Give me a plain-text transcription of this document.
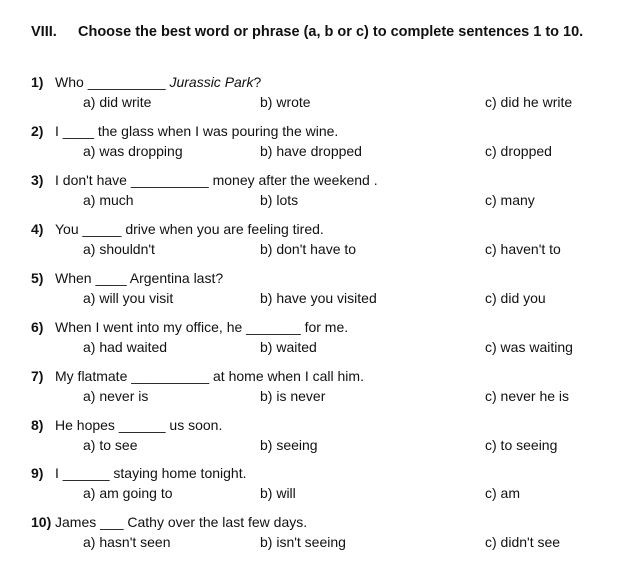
VIII. Choose the best word or phrase (a, b or c) to complete sentences 1 to 10.
1) Who __________ Jurassic Park?
a) did write	b) wrote	c) did he write
2) I ____ the glass when I was pouring the wine.
a) was dropping	b) have dropped	c) dropped
3) I don't have __________ money after the weekend .
a) much	b) lots	c) many
4) You _____ drive when you are feeling tired.
a) shouldn't	b) don't have to	c) haven't to
5) When ____ Argentina last?
a) will you visit	b) have you visited	c) did you
6) When I went into my office, he _______ for me.
a) had waited	b) waited	c) was waiting
7) My flatmate __________ at home when I call him.
a) never is	b) is never	c) never he is
8) He hopes ______ us soon.
a) to see	b) seeing	c) to seeing
9) I ______ staying home tonight.
a) am going to	b) will	c) am
10) James ___ Cathy over the last few days.
a) hasn't seen	b) isn't seeing	c) didn't see
